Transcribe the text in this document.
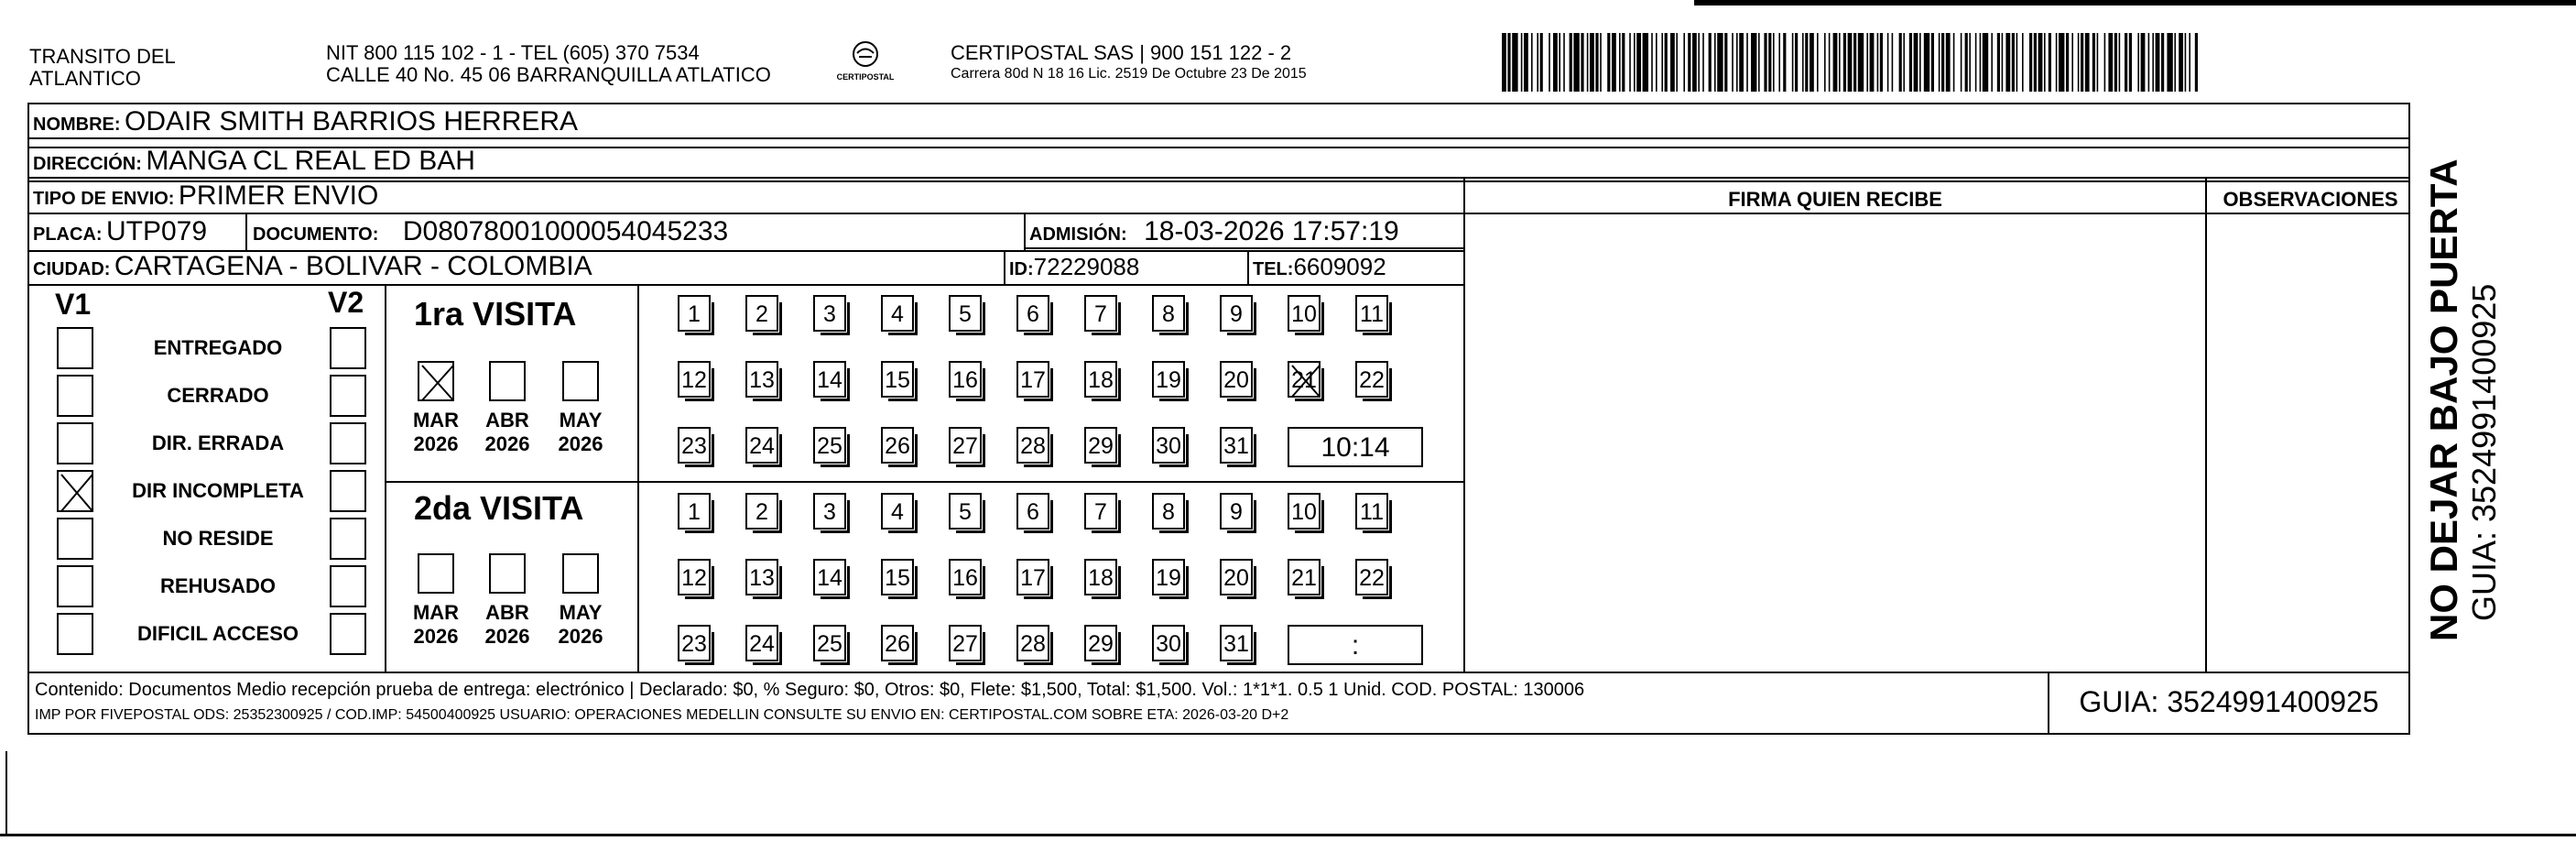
TRANSITO DEL
ATLANTICO
NIT 800 115 102 - 1 - TEL (605) 370 7534
CALLE 40 No. 45 06 BARRANQUILLA ATLATICO	CERTIPOSTAL
CERTIPOSTAL SAS | 900 151 122 - 2
Carrera 80d N 18 16 Lic. 2519 De Octubre 23 De 2015
NOMBRE: ODAIR SMITH BARRIOS HERRERA
DIRECCIÓN: MANGA CL REAL ED BAH
TIPO DE ENVIO: PRIMER ENVIO	FIRMA QUIEN RECIBE	OBSERVACIONES
PLACA: UTP079 DOCUMENTO: D08078001000054045233	ADMISIÓN: 18-03-2026 17:57:19
CIUDAD: CARTAGENA - BOLIVAR - COLOMBIA	ID:72229088	TEL:6609092
V1	V2
ENTREGADO
CERRADO
DIR. ERRADA
DIR INCOMPLETA
NO RESIDE
REHUSADO
DIFICIL ACCESO
1ra VISITA
MAR
2026
ABR
2026
MAY
2026
1	2	3	4	5	6	7	8	9	10 11
12 13 14 15 16 17 18 19 20 21 22
23 24 25 26 27 28 29 30 31	10:14
2da VISITA
MAR
2026
ABR
2026
MAY
2026
1	2	3	4	5	6	7	8	9	10 11
12 13 14 15 16 17 18 19 20 21 22
23 24 25 26 27 28 29 30 31	:
Contenido: Documentos Medio recepción prueba de entrega: electrónico | Declarado: $0, % Seguro: $0, Otros: $0, Flete: $1,500, Total: $1,500. Vol.: 1*1*1. 0.5 1 Unid. COD. POSTAL: 130006
IMP POR FIVEPOSTAL ODS: 25352300925 / COD.IMP: 54500400925 USUARIO: OPERACIONES MEDELLIN CONSULTE SU ENVIO EN: CERTIPOSTAL.COM SOBRE ETA: 2026-03-20 D+2	GUIA: 3524991400925
NO DEJAR BAJO PUERTA GUIA: 3524991400925
